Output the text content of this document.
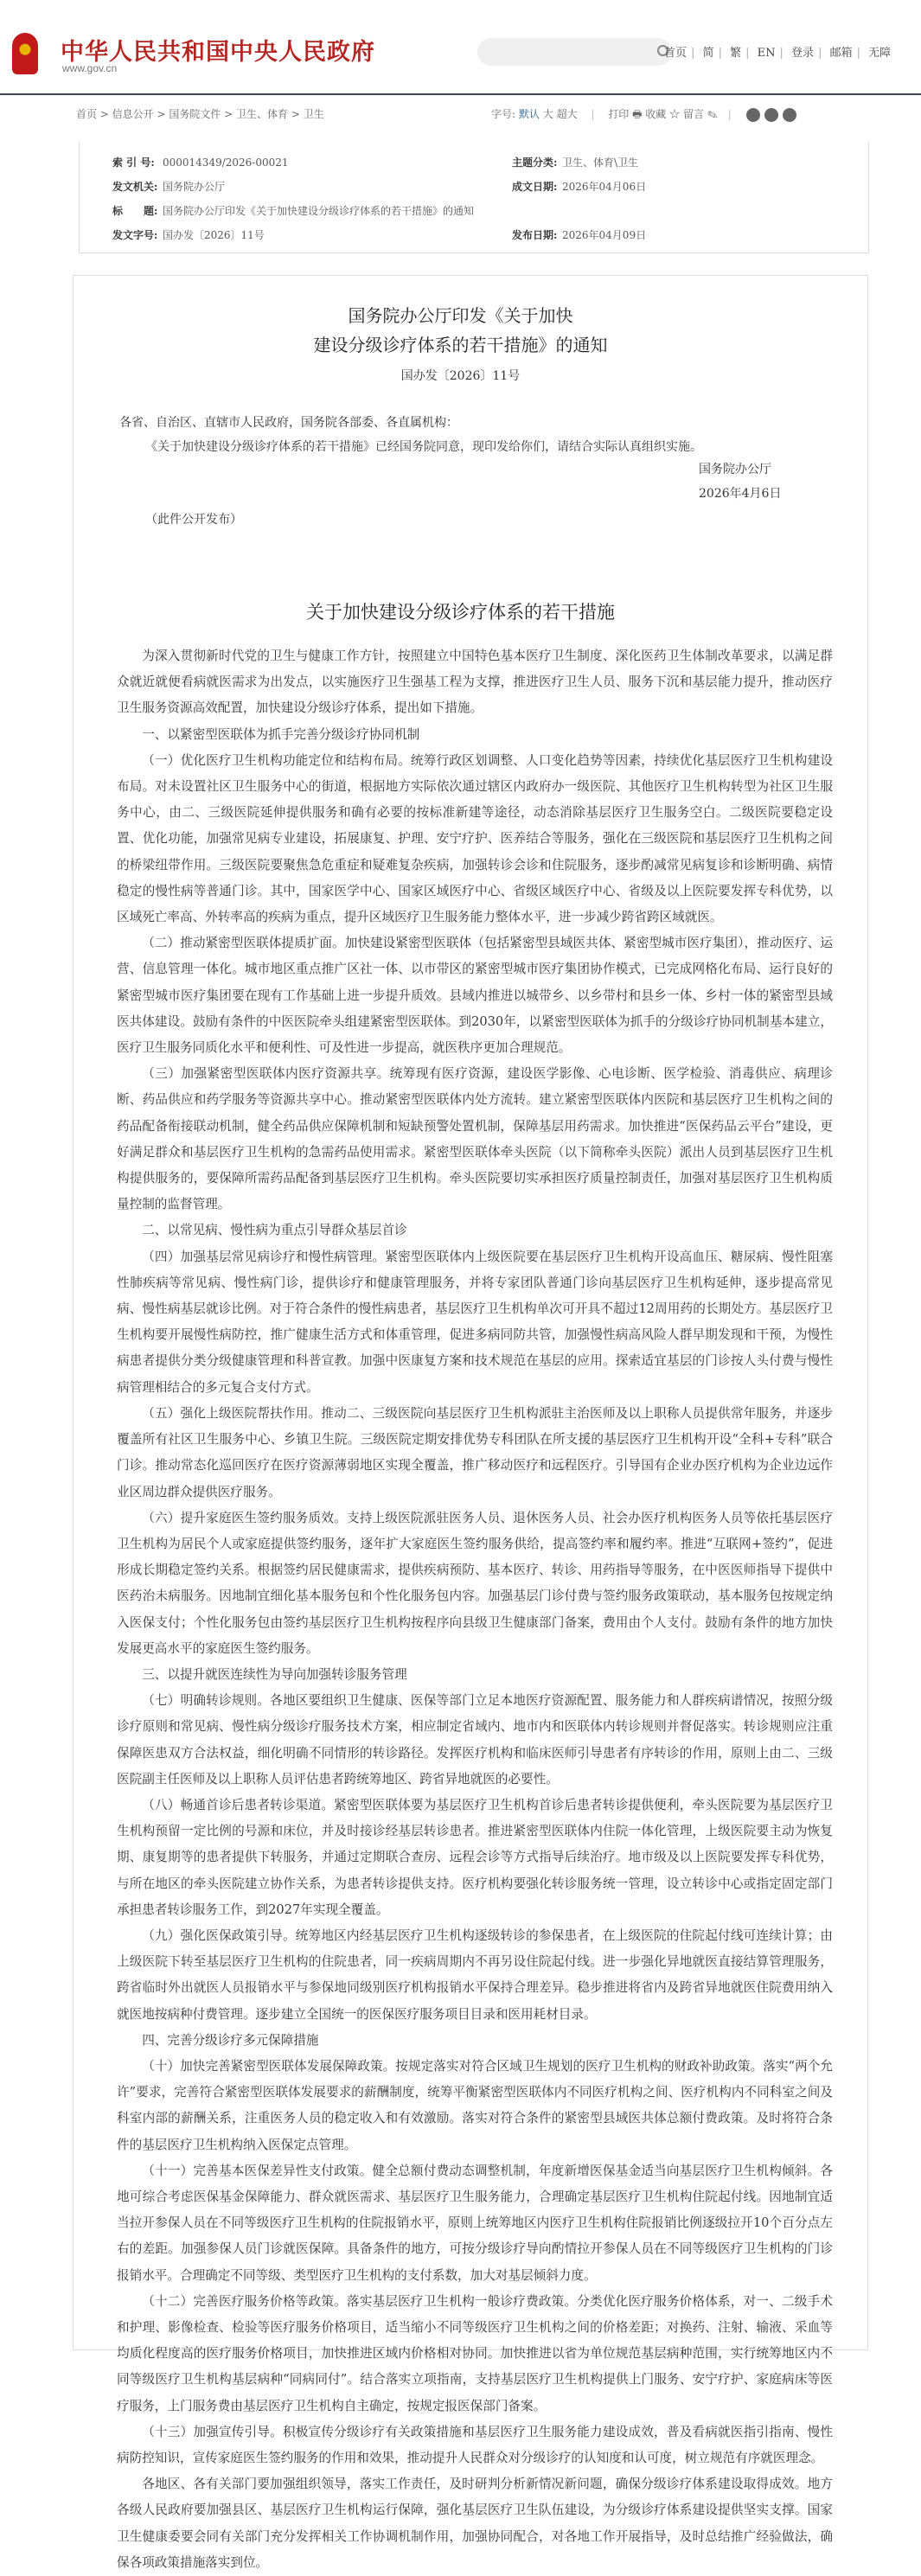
中华人民共和国中央人民政府
www.gov.cn
首页 | 简 | 繁 | EN | 登录 | 邮箱 | 无障
首页 > 信息公开 > 国务院文件 > 卫生、体育 > 卫生	字号: 默认 大 超大 | 打印 🖶 收藏 ☆ 留言 ✎ |
索 引 号: 000014349/2026-00021	主题分类: 卫生、体育\卫生
发文机关: 国务院办公厅	成文日期: 2026年04月06日
标　　题: 国务院办公厅印发《关于加快建设分级诊疗体系的若干措施》的通知
发文字号: 国办发〔2026〕11号	发布日期: 2026年04月09日
国务院办公厅印发《关于加快
建设分级诊疗体系的若干措施》的通知
国办发〔2026〕11号
各省、自治区、直辖市人民政府，国务院各部委、各直属机构：
《关于加快建设分级诊疗体系的若干措施》已经国务院同意，现印发给你们，请结合实际认真组织实施。
国务院办公厅
2026年4月6日
（此件公开发布）
关于加快建设分级诊疗体系的若干措施

为深入贯彻新时代党的卫生与健康工作方针，按照建立中国特色基本医疗卫生制度、深化医药卫生体制改革要求，以满足群众就近就便看病就医需求为出发点，以实施医疗卫生强基工程为支撑，推进医疗卫生人员、服务下沉和基层能力提升，推动医疗卫生服务资源高效配置，加快建设分级诊疗体系，提出如下措施。

一、以紧密型医联体为抓手完善分级诊疗协同机制

（一）优化医疗卫生机构功能定位和结构布局。统筹行政区划调整、人口变化趋势等因素，持续优化基层医疗卫生机构建设布局。对未设置社区卫生服务中心的街道，根据地方实际依次通过辖区内政府办一级医院、其他医疗卫生机构转型为社区卫生服务中心，由二、三级医院延伸提供服务和确有必要的按标准新建等途径，动态消除基层医疗卫生服务空白。二级医院要稳定设置、优化功能，加强常见病专业建设，拓展康复、护理、安宁疗护、医养结合等服务，强化在三级医院和基层医疗卫生机构之间的桥梁纽带作用。三级医院要聚焦急危重症和疑难复杂疾病，加强转诊会诊和住院服务，逐步酌减常见病复诊和诊断明确、病情稳定的慢性病等普通门诊。其中，国家医学中心、国家区域医疗中心、省级区域医疗中心、省级及以上医院要发挥专科优势，以区域死亡率高、外转率高的疾病为重点，提升区域医疗卫生服务能力整体水平，进一步减少跨省跨区域就医。

（二）推动紧密型医联体提质扩面。加快建设紧密型医联体（包括紧密型县域医共体、紧密型城市医疗集团），推动医疗、运营、信息管理一体化。城市地区重点推广区社一体、以市带区的紧密型城市医疗集团协作模式，已完成网格化布局、运行良好的紧密型城市医疗集团要在现有工作基础上进一步提升质效。县域内推进以城带乡、以乡带村和县乡一体、乡村一体的紧密型县域医共体建设。鼓励有条件的中医医院牵头组建紧密型医联体。到2030年，以紧密型医联体为抓手的分级诊疗协同机制基本建立，医疗卫生服务同质化水平和便利性、可及性进一步提高，就医秩序更加合理规范。

（三）加强紧密型医联体内医疗资源共享。统筹现有医疗资源，建设医学影像、心电诊断、医学检验、消毒供应、病理诊断、药品供应和药学服务等资源共享中心。推动紧密型医联体内处方流转。建立紧密型医联体内医院和基层医疗卫生机构之间的药品配备衔接联动机制，健全药品供应保障机制和短缺预警处置机制，保障基层用药需求。加快推进“医保药品云平台”建设，更好满足群众和基层医疗卫生机构的急需药品使用需求。紧密型医联体牵头医院（以下简称牵头医院）派出人员到基层医疗卫生机构提供服务的，要保障所需药品配备到基层医疗卫生机构。牵头医院要切实承担医疗质量控制责任，加强对基层医疗卫生机构质量控制的监督管理。

二、以常见病、慢性病为重点引导群众基层首诊

（四）加强基层常见病诊疗和慢性病管理。紧密型医联体内上级医院要在基层医疗卫生机构开设高血压、糖尿病、慢性阻塞性肺疾病等常见病、慢性病门诊，提供诊疗和健康管理服务，并将专家团队普通门诊向基层医疗卫生机构延伸，逐步提高常见病、慢性病基层就诊比例。对于符合条件的慢性病患者，基层医疗卫生机构单次可开具不超过12周用药的长期处方。基层医疗卫生机构要开展慢性病防控，推广健康生活方式和体重管理，促进多病同防共管，加强慢性病高风险人群早期发现和干预，为慢性病患者提供分类分级健康管理和科普宣教。加强中医康复方案和技术规范在基层的应用。探索适宜基层的门诊按人头付费与慢性病管理相结合的多元复合支付方式。

（五）强化上级医院帮扶作用。推动二、三级医院向基层医疗卫生机构派驻主治医师及以上职称人员提供常年服务，并逐步覆盖所有社区卫生服务中心、乡镇卫生院。三级医院定期安排优势专科团队在所支援的基层医疗卫生机构开设“全科+专科”联合门诊。推动常态化巡回医疗在医疗资源薄弱地区实现全覆盖，推广移动医疗和远程医疗。引导国有企业办医疗机构为企业边远作业区周边群众提供医疗服务。

（六）提升家庭医生签约服务质效。支持上级医院派驻医务人员、退休医务人员、社会办医疗机构医务人员等依托基层医疗卫生机构为居民个人或家庭提供签约服务，逐年扩大家庭医生签约服务供给，提高签约率和履约率。推进“互联网+签约”，促进形成长期稳定签约关系。根据签约居民健康需求，提供疾病预防、基本医疗、转诊、用药指导等服务，在中医医师指导下提供中医药治未病服务。因地制宜细化基本服务包和个性化服务包内容。加强基层门诊付费与签约服务政策联动，基本服务包按规定纳入医保支付；个性化服务包由签约基层医疗卫生机构按程序向县级卫生健康部门备案，费用由个人支付。鼓励有条件的地方加快发展更高水平的家庭医生签约服务。

三、以提升就医连续性为导向加强转诊服务管理

（七）明确转诊规则。各地区要组织卫生健康、医保等部门立足本地医疗资源配置、服务能力和人群疾病谱情况，按照分级诊疗原则和常见病、慢性病分级诊疗服务技术方案，相应制定省域内、地市内和医联体内转诊规则并督促落实。转诊规则应注重保障医患双方合法权益，细化明确不同情形的转诊路径。发挥医疗机构和临床医师引导患者有序转诊的作用，原则上由二、三级医院副主任医师及以上职称人员评估患者跨统筹地区、跨省异地就医的必要性。

（八）畅通首诊后患者转诊渠道。紧密型医联体要为基层医疗卫生机构首诊后患者转诊提供便利，牵头医院要为基层医疗卫生机构预留一定比例的号源和床位，并及时接诊经基层转诊患者。推进紧密型医联体内住院一体化管理，上级医院要主动为恢复期、康复期等的患者提供下转服务，并通过定期联合查房、远程会诊等方式指导后续治疗。地市级及以上医院要发挥专科优势，与所在地区的牵头医院建立协作关系，为患者转诊提供支持。医疗机构要强化转诊服务统一管理，设立转诊中心或指定固定部门承担患者转诊服务工作，到2027年实现全覆盖。

（九）强化医保政策引导。统筹地区内经基层医疗卫生机构逐级转诊的参保患者，在上级医院的住院起付线可连续计算；由上级医院下转至基层医疗卫生机构的住院患者，同一疾病周期内不再另设住院起付线。进一步强化异地就医直接结算管理服务，跨省临时外出就医人员报销水平与参保地同级别医疗机构报销水平保持合理差异。稳步推进将省内及跨省异地就医住院费用纳入就医地按病种付费管理。逐步建立全国统一的医保医疗服务项目目录和医用耗材目录。

四、完善分级诊疗多元保障措施

（十）加快完善紧密型医联体发展保障政策。按规定落实对符合区域卫生规划的医疗卫生机构的财政补助政策。落实“两个允许”要求，完善符合紧密型医联体发展要求的薪酬制度，统筹平衡紧密型医联体内不同医疗机构之间、医疗机构内不同科室之间及科室内部的薪酬关系，注重医务人员的稳定收入和有效激励。落实对符合条件的紧密型县域医共体总额付费政策。及时将符合条件的基层医疗卫生机构纳入医保定点管理。

（十一）完善基本医保差异性支付政策。健全总额付费动态调整机制，年度新增医保基金适当向基层医疗卫生机构倾斜。各地可综合考虑医保基金保障能力、群众就医需求、基层医疗卫生服务能力，合理确定基层医疗卫生机构住院起付线。因地制宜适当拉开参保人员在不同等级医疗卫生机构的住院报销水平，原则上统筹地区内医疗卫生机构住院报销比例逐级拉开10个百分点左右的差距。加强参保人员门诊就医保障。具备条件的地方，可按分级诊疗导向酌情拉开参保人员在不同等级医疗卫生机构的门诊报销水平。合理确定不同等级、类型医疗卫生机构的支付系数，加大对基层倾斜力度。

（十二）完善医疗服务价格等政策。落实基层医疗卫生机构一般诊疗费政策。分类优化医疗服务价格体系，对一、二级手术和护理、影像检查、检验等医疗服务价格项目，适当缩小不同等级医疗卫生机构之间的价格差距；对换药、注射、输液、采血等均质化程度高的医疗服务价格项目，加快推进区域内价格相对协同。加快推进以省为单位规范基层病种范围，实行统筹地区内不同等级医疗卫生机构基层病种“同病同付”。结合落实立项指南，支持基层医疗卫生机构提供上门服务、安宁疗护、家庭病床等医疗服务，上门服务费由基层医疗卫生机构自主确定，按规定报医保部门备案。

（十三）加强宣传引导。积极宣传分级诊疗有关政策措施和基层医疗卫生服务能力建设成效，普及看病就医指引指南、慢性病防控知识，宣传家庭医生签约服务的作用和效果，推动提升人民群众对分级诊疗的认知度和认可度，树立规范有序就医理念。

各地区、各有关部门要加强组织领导，落实工作责任，及时研判分析新情况新问题，确保分级诊疗体系建设取得成效。地方各级人民政府要加强县区、基层医疗卫生机构运行保障，强化基层医疗卫生队伍建设，为分级诊疗体系建设提供坚实支撑。国家卫生健康委要会同有关部门充分发挥相关工作协调机制作用，加强协同配合，对各地工作开展指导，及时总结推广经验做法，确保各项政策措施落实到位。
